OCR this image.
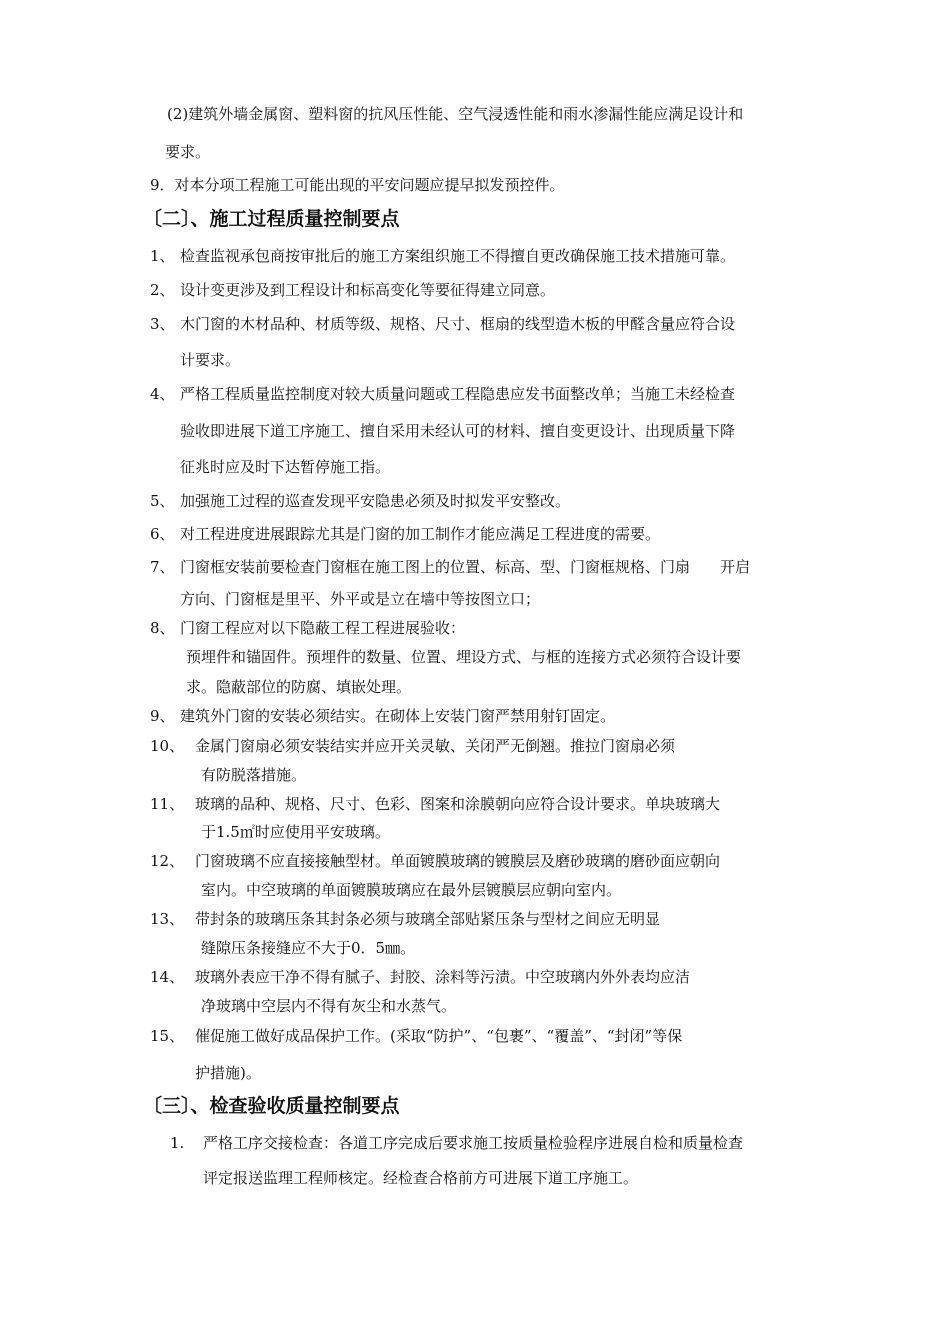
(2)建筑外墙金属窗、塑料窗的抗风压性能、空气浸透性能和雨水渗漏性能应满足设计和
要求。
9．对本分项工程施工可能出现的平安问题应提早拟发预控件。
〔二〕、施工过程质量控制要点
1、 检查监视承包商按审批后的施工方案组织施工不得擅自更改确保施工技术措施可靠。
2、 设计变更涉及到工程设计和标高变化等要征得建立同意。
3、 木门窗的木材品种、材质等级、规格、尺寸、框扇的线型造木板的甲醛含量应符合设
计要求。
4、 严格工程质量监控制度对较大质量问题或工程隐患应发书面整改单；当施工未经检查
验收即进展下道工序施工、擅自采用未经认可的材料、擅自变更设计、出现质量下降
征兆时应及时下达暂停施工指。
5、 加强施工过程的巡查发现平安隐患必须及时拟发平安整改。
6、 对工程进度进展跟踪尤其是门窗的加工制作才能应满足工程进度的需要。
7、 门窗框安装前要检查门窗框在施工图上的位置、标高、型、门窗框规格、门扇　　开启
方向、门窗框是里平、外平或是立在墙中等按图立口；
8、 门窗工程应对以下隐蔽工程工程进展验收：
预埋件和锚固件。预埋件的数量、位置、埋设方式、与框的连接方式必须符合设计要
求。隐蔽部位的防腐、填嵌处理。
9、 建筑外门窗的安装必须结实。在砌体上安装门窗严禁用射钉固定。
10、 金属门窗扇必须安装结实并应开关灵敏、关闭严无倒翘。推拉门窗扇必须
有防脱落措施。
11、 玻璃的品种、规格、尺寸、色彩、图案和涂膜朝向应符合设计要求。单块玻璃大
于1.5㎡时应使用平安玻璃。
12、 门窗玻璃不应直接接触型材。单面镀膜玻璃的镀膜层及磨砂玻璃的磨砂面应朝向
室内。中空玻璃的单面镀膜玻璃应在最外层镀膜层应朝向室内。
13、 带封条的玻璃压条其封条必须与玻璃全部贴紧压条与型材之间应无明显
缝隙压条接缝应不大于0．5㎜。
14、 玻璃外表应干净不得有腻子、封胶、涂料等污渍。中空玻璃内外外表均应洁
净玻璃中空层内不得有灰尘和水蒸气。
15、 催促施工做好成品保护工作。(采取“防护”、“包裹”、“覆盖”、“封闭”等保
护措施)。
〔三〕、检查验收质量控制要点
1. 严格工序交接检查：各道工序完成后要求施工按质量检验程序进展自检和质量检查
评定报送监理工程师核定。经检查合格前方可进展下道工序施工。
